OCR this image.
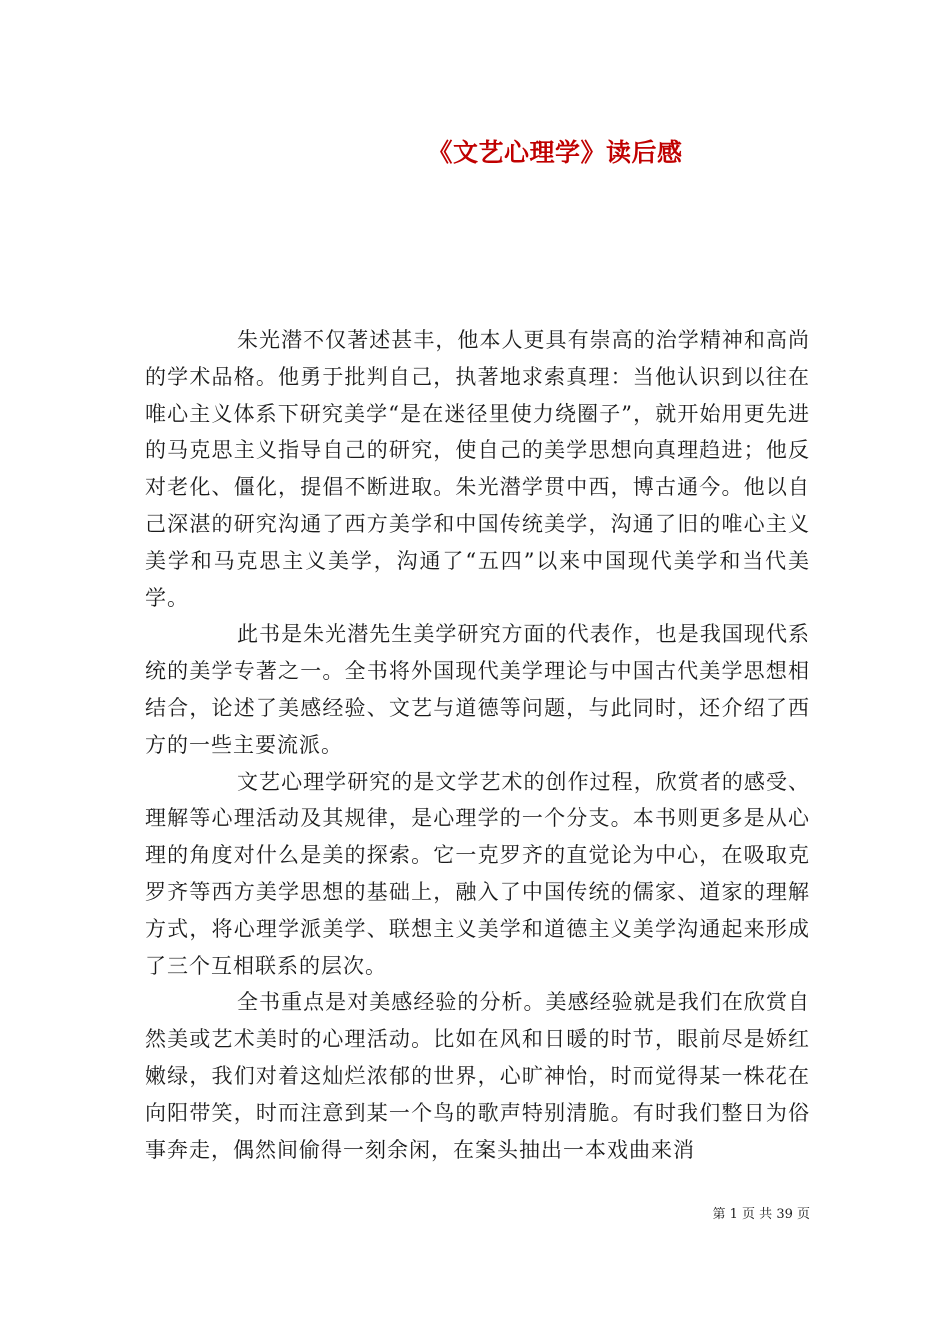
《文艺心理学》读后感

朱光潜不仅著述甚丰，他本人更具有崇高的治学精神和高尚的学术品格。他勇于批判自己，执著地求索真理：当他认识到以往在唯心主义体系下研究美学“是在迷径里使力绕圈子”，就开始用更先进的马克思主义指导自己的研究，使自己的美学思想向真理趋进；他反对老化、僵化，提倡不断进取。朱光潜学贯中西，博古通今。他以自己深湛的研究沟通了西方美学和中国传统美学，沟通了旧的唯心主义美学和马克思主义美学，沟通了“五四”以来中国现代美学和当代美学。

此书是朱光潜先生美学研究方面的代表作，也是我国现代系统的美学专著之一。全书将外国现代美学理论与中国古代美学思想相结合，论述了美感经验、文艺与道德等问题，与此同时，还介绍了西方的一些主要流派。

文艺心理学研究的是文学艺术的创作过程，欣赏者的感受、理解等心理活动及其规律，是心理学的一个分支。本书则更多是从心理的角度对什么是美的探索。它一克罗齐的直觉论为中心，在吸取克罗齐等西方美学思想的基础上，融入了中国传统的儒家、道家的理解方式，将心理学派美学、联想主义美学和道德主义美学沟通起来形成了三个互相联系的层次。

全书重点是对美感经验的分析。美感经验就是我们在欣赏自然美或艺术美时的心理活动。比如在风和日暖的时节，眼前尽是娇红嫩绿，我们对着这灿烂浓郁的世界，心旷神怡，时而觉得某一株花在向阳带笑，时而注意到某一个鸟的歌声特别清脆。有时我们整日为俗事奔走，偶然间偷得一刻余闲，在案头抽出一本戏曲来消

第 1 页 共 39 页
